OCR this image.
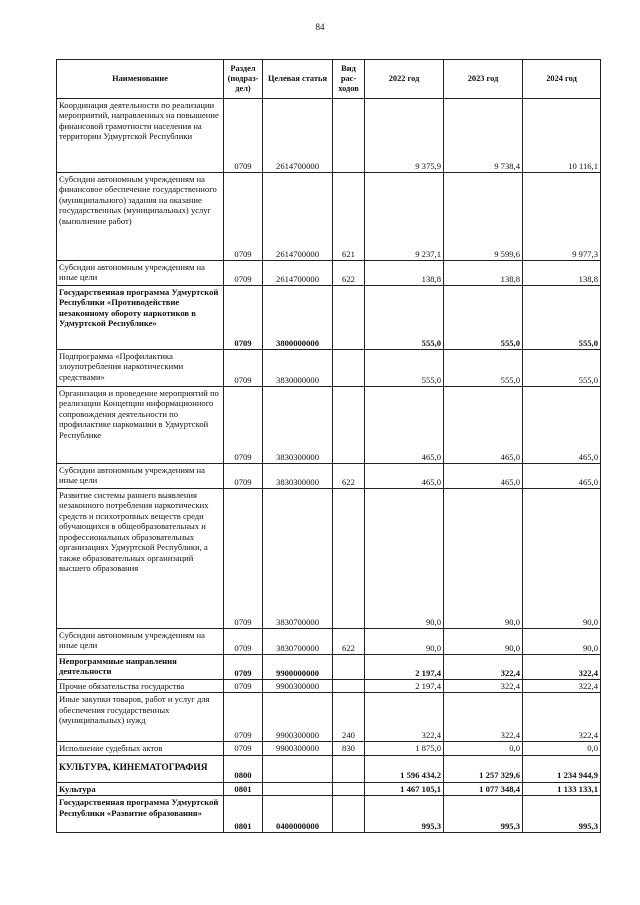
84
Наименование	Раздел (подраз-дел)	Целевая статья	Вид рас-ходов	2022 год	2023 год	2024 год
Координация деятельности по реализации мероприятий, направленных на повышение финансовой грамотности населения на территории Удмуртской Республики	0709	2614700000		9 375,9	9 738,4	10 116,1
Субсидии автономным учреждениям на финансовое обеспечение государственного (муниципального) задания на оказание государственных (муниципальных) услуг (выполнение работ)	0709	2614700000	621	9 237,1	9 599,6	9 977,3
Субсидии автономным учреждениям на иные цели	0709	2614700000	622	138,8	138,8	138,8
Государственная программа Удмуртской Республики «Противодействие незаконному обороту наркотиков в Удмуртской Республике»	0709	3800000000		555,0	555,0	555,0
Подпрограмма «Профилактика злоупотребления наркотическими средствами»	0709	3830000000		555,0	555,0	555,0
Организация и проведение мероприятий по реализации Концепции информационного сопровождения деятельности по профилактике наркомании в Удмуртской Республике	0709	3830300000		465,0	465,0	465,0
Субсидии автономным учреждениям на иные цели	0709	3830300000	622	465,0	465,0	465,0
Развитие системы раннего выявления незаконного потребления наркотических средств и психотропных веществ среди обучающихся в общеобразовательных и профессиональных образовательных организациях Удмуртской Республики, а также образовательных организаций высшего образования	0709	3830700000		90,0	90,0	90,0
Субсидии автономным учреждениям на иные цели	0709	3830700000	622	90,0	90,0	90,0
Непрограммные направления деятельности	0709	9900000000		2 197,4	322,4	322,4
Прочие обязательства государства	0709	9900300000		2 197,4	322,4	322,4
Иные закупки товаров, работ и услуг для обеспечения государственных (муниципальных) нужд	0709	9900300000	240	322,4	322,4	322,4
Исполнение судебных актов	0709	9900300000	830	1 875,0	0,0	0,0
КУЛЬТУРА, КИНЕМАТОГРАФИЯ	0800			1 596 434,2	1 257 329,6	1 234 944,9
Культура	0801			1 467 105,1	1 077 348,4	1 133 133,1
Государственная программа Удмуртской Республики «Развитие образования»	0801	0400000000		995,3	995,3	995,3
